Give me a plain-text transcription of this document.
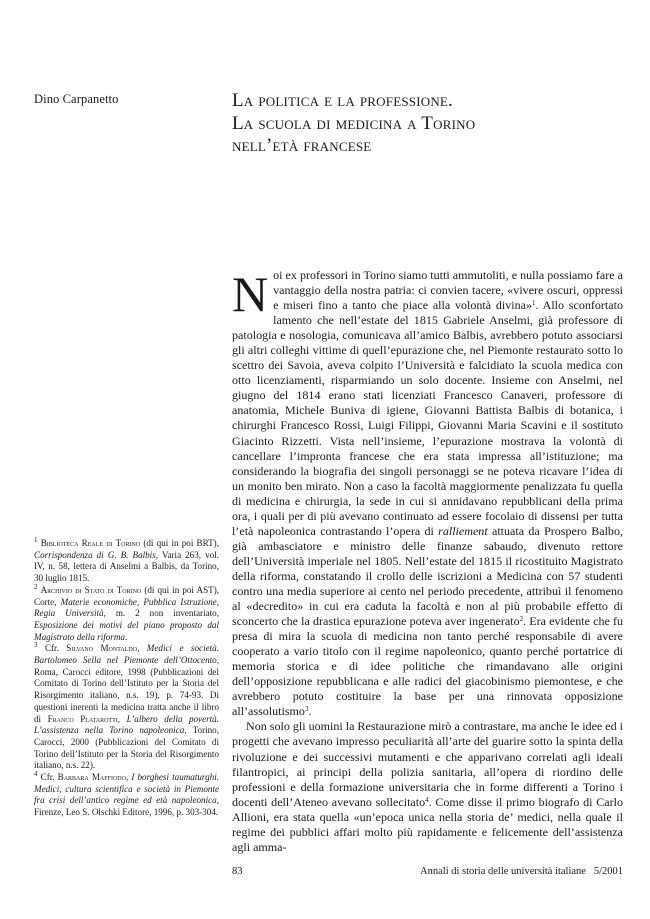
Dino Carpanetto	La politica e la professione.
La scuola di medicina a Torino
nell’età francese

Noi ex professori in Torino siamo tutti ammutoliti, e nulla possiamo fare a vantaggio della nostra patria: ci convien tacere, «vivere oscuri, oppressi e miseri fino a tanto che piace alla volontà divina»$^1$. Allo sconfortato lamento che nell’estate del 1815 Gabriele Anselmi, già professore di patologia e nosologia, comunicava all’amico Balbis, avrebbero potuto associarsi gli altri colleghi vittime di quell’epurazione che, nel Piemonte restaurato sotto lo scettro dei Savoia, aveva colpito l’Università e falcidiato la scuola medica con otto licenziamenti, risparmiando un solo docente. Insieme con Anselmi, nel giugno del 1814 erano stati licenziati Francesco Canaveri, professore di anatomia, Michele Buniva di igiene, Giovanni Battista Balbis di botanica, i chirurghi Francesco Rossi, Luigi Filippi, Giovanni Maria Scavini e il sostituto Giacinto Rizzetti. Vista nell’insieme, l’epurazione mostrava la volontà di cancellare l’impronta francese che era stata impressa all’istituzione; ma considerando la biografia dei singoli personaggi se ne poteva ricavare l’idea di un monito ben mirato. Non a caso la facoltà maggiormente penalizzata fu quella di medicina e chirurgia, la sede in cui si annidavano repubblicani della prima ora, i quali per di più avevano continuato ad essere focolaio di dissensi per tutta l’età napoleonica contrastando l’opera di ralliement attuata da Prospero Balbo, già ambasciatore e ministro delle finanze sabaudo, divenuto rettore dell’Università imperiale nel 1805. Nell’estate del 1815 il ricostituito Magistrato della riforma, constatando il crollo delle iscrizioni a Medicina con 57 studenti contro una media superiore ai cento nel periodo precedente, attribuì il fenomeno al «decredito» in cui era caduta la facoltà e non al più probabile effetto di sconcerto che la drastica epurazione poteva aver ingenerato$^2$. Era evidente che fu presa di mira la scuola di medicina non tanto perché responsabile di avere cooperato a vario titolo con il regime napoleonico, quanto perché portatrice di memoria storica e di idee politiche che rimandavano alle origini dell’opposizione repubblicana e alle radici del giacobinismo piemontese, e che avrebbero potuto costituire la base per una rinnovata opposizione all’assolutismo$^3$.

Non solo gli uomini la Restaurazione mirò a contrastare, ma anche le idee ed i progetti che avevano impresso peculiarità all’arte del guarire sotto la spinta della rivoluzione e dei successivi mutamenti e che apparivano correlati agli ideali filantropici, ai principi della polizia sanitaria, all’opera di riordino delle professioni e della formazione universitaria che in forme differenti a Torino i docenti dell’Ateneo avevano sollecitato$^4$. Come disse il primo biografo di Carlo Allioni, era stata quella «un’epoca unica nella storia de’ medici, nella quale il regime dei pubblici affari molto più rapidamente e felicemente dell’assistenza agli amma-

$^1$ Biblioteca Reale di Torino (di qui in poi BRT), Corrispondenza di G. B. Balbis, Varia 263, vol. IV, n. 58, lettera di Anselmi a Balbis, da Torino, 30 luglio 1815.

$^2$ Archivio di Stato di Torino (di qui in poi AST), Corte, Materie economiche, Pubblica Istruzione, Regia Università, m. 2 non inventariato, Esposizione dei motivi del piano proposto dal Magistrato della riforma.

$^3$ Cfr. Silvano Montaldo, Medici e società. Bartolomeo Sella nel Piemonte dell’Ottocento, Roma, Carocci editore, 1998 (Pubblicazioni del Comitato di Torino dell’Istituto per la Storia del Risorgimento italiano, n.s. 19), p. 74-93. Di questioni inerenti la medicina tratta anche il libro di Franco Platarotti, L’albero della povertà. L’assistenza nella Torino napoleonica, Torino, Carocci, 2000 (Pubblicazioni del Comitato di Torino dell’Istituto per la Storia del Risorgimento italiano, n.s. 22).

$^4$ Cfr. Barbara Maffiodo, I borghesi taumaturghi. Medici, cultura scientifica e società in Piemonte fra crisi dell’antico regime ed età napoleonica, Firenze, Leo S. Olschki Editore, 1996, p. 303-304.

83	Annali di storia delle università italiane   5/2001
